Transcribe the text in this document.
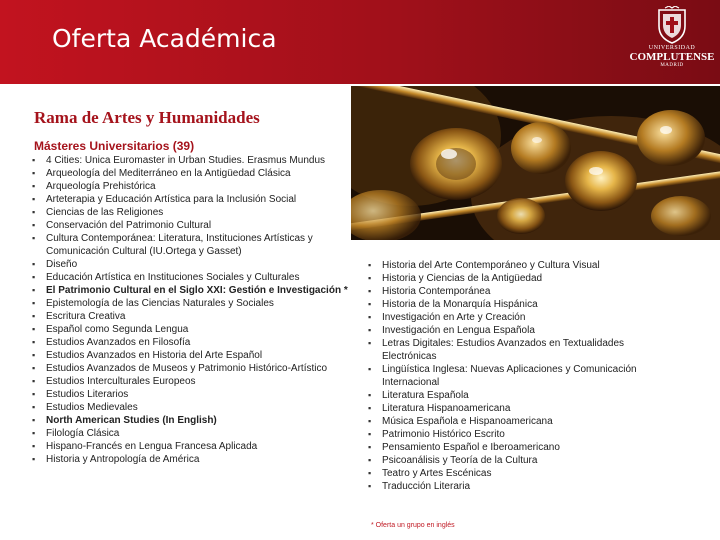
Oferta Académica	UNIVERSIDAD
COMPLUTENSE
MADRID
Rama de Artes y Humanidades
Másteres Universitarios (39)
▪ 4 Cities: Unica Euromaster in Urban Studies. Erasmus Mundus
▪ Arqueología del Mediterráneo en la Antigüedad Clásica
▪ Arqueología Prehistórica
▪ Arteterapia y Educación Artística para la Inclusión Social
▪ Ciencias de las Religiones
▪ Conservación del Patrimonio Cultural
▪ Cultura Contemporánea: Literatura, Instituciones Artísticas y Comunicación Cultural (IU.Ortega y Gasset)
▪ Diseño
▪ Educación Artística en Instituciones Sociales y Culturales
▪ El Patrimonio Cultural en el Siglo XXI: Gestión e Investigación *
▪ Epistemología de las Ciencias Naturales y Sociales
▪ Escritura Creativa
▪ Español como Segunda Lengua
▪ Estudios Avanzados en Filosofía
▪ Estudios Avanzados en Historia del Arte Español
▪ Estudios Avanzados de Museos y Patrimonio Histórico-Artístico
▪ Estudios Interculturales Europeos
▪ Estudios Literarios
▪ Estudios Medievales
▪ North American Studies (In English)
▪ Filología Clásica
▪ Hispano-Francés en Lengua Francesa Aplicada
▪ Historia y Antropología de América
▪ Historia del Arte Contemporáneo y Cultura Visual
▪ Historia y Ciencias de la Antigüedad
▪ Historia Contemporánea
▪ Historia de la Monarquía Hispánica
▪ Investigación en Arte y Creación
▪ Investigación en Lengua Española
▪ Letras Digitales: Estudios Avanzados en Textualidades Electrónicas
▪ Lingüística Inglesa: Nuevas Aplicaciones y Comunicación Internacional
▪ Literatura Española
▪ Literatura Hispanoamericana
▪ Música Española e Hispanoamericana
▪ Patrimonio Histórico Escrito
▪ Pensamiento Español e Iberoamericano
▪ Psicoanálisis y Teoría de la Cultura
▪ Teatro y Artes Escénicas
▪ Traducción Literaria
* Oferta un grupo en inglés
